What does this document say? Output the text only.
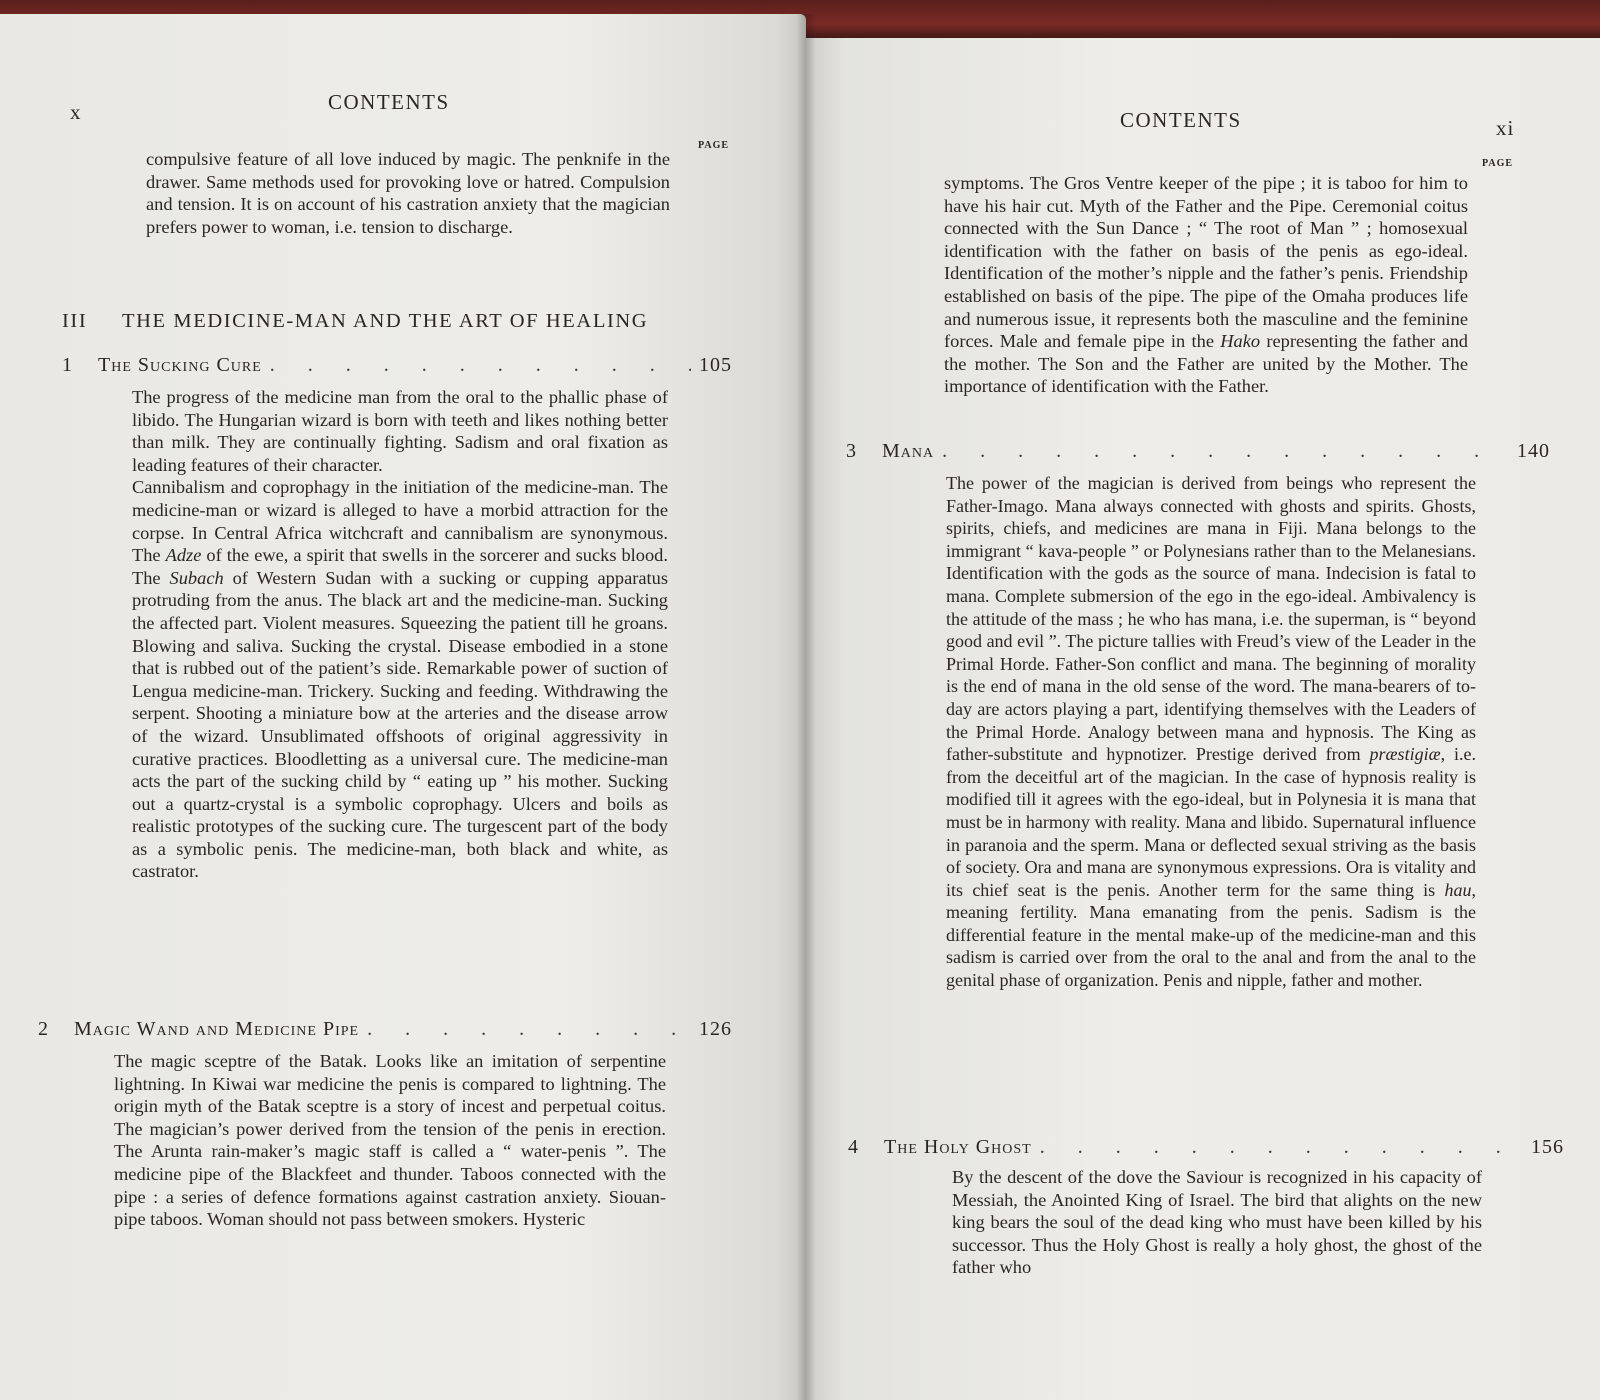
x	CONTENTS
PAGE
compulsive feature of all love induced by magic. The penknife in the drawer. Same methods used for provoking love or hatred. Compulsion and tension. It is on account of his castration anxiety that the magician prefers power to woman, i.e. tension to discharge.
III THE MEDICINE-MAN AND THE ART OF HEALING
1	The Sucking Cure . . .	105
The progress of the medicine man from the oral to the phallic phase of libido. The Hungarian wizard is born with teeth and likes nothing better than milk. They are continually fighting. Sadism and oral fixation as leading features of their character.
Cannibalism and coprophagy in the initiation of the medicine-man. The medicine-man or wizard is alleged to have a morbid attraction for the corpse. In Central Africa witchcraft and cannibalism are synonymous. The Adze of the ewe, a spirit that swells in the sorcerer and sucks blood. The Subach of Western Sudan with a sucking or cupping apparatus protruding from the anus. The black art and the medicine-man. Sucking the affected part. Violent measures. Squeezing the patient till he groans. Blowing and saliva. Sucking the crystal. Disease embodied in a stone that is rubbed out of the patient’s side. Remarkable power of suction of Lengua medicine-man. Trickery. Sucking and feeding. Withdrawing the serpent. Shooting a miniature bow at the arteries and the disease arrow of the wizard. Unsublimated offshoots of original aggressivity in curative practices. Bloodletting as a universal cure. The medicine-man acts the part of the sucking child by “ eating up ” his mother. Sucking out a quartz-crystal is a symbolic coprophagy. Ulcers and boils as realistic prototypes of the sucking cure. The turgescent part of the body as a symbolic penis. The medicine-man, both black and white, as castrator.
2	Magic Wand and Medicine Pipe . . .	126
The magic sceptre of the Batak. Looks like an imitation of serpentine lightning. In Kiwai war medicine the penis is compared to lightning. The origin myth of the Batak sceptre is a story of incest and perpetual coitus. The magician’s power derived from the tension of the penis in erection. The Arunta rain-maker’s magic staff is called a “ water-penis ”. The medicine pipe of the Blackfeet and thunder. Taboos connected with the pipe : a series of defence formations against castration anxiety. Siouan-pipe taboos. Woman should not pass between smokers. Hysteric
CONTENTS	xi
PAGE
symptoms. The Gros Ventre keeper of the pipe ; it is taboo for him to have his hair cut. Myth of the Father and the Pipe. Ceremonial coitus connected with the Sun Dance ; “ The root of Man ” ; homosexual identification with the father on basis of the penis as ego-ideal. Identification of the mother’s nipple and the father’s penis. Friendship established on basis of the pipe. The pipe of the Omaha produces life and numerous issue, it represents both the masculine and the feminine forces. Male and female pipe in the Hako representing the father and the mother. The Son and the Father are united by the Mother. The importance of identification with the Father.
3	Mana . . .	140
The power of the magician is derived from beings who represent the Father-Imago. Mana always connected with ghosts and spirits. Ghosts, spirits, chiefs, and medicines are mana in Fiji. Mana belongs to the immigrant “ kava-people ” or Polynesians rather than to the Melanesians. Identification with the gods as the source of mana. Indecision is fatal to mana. Complete submersion of the ego in the ego-ideal. Ambivalency is the attitude of the mass ; he who has mana, i.e. the superman, is “ beyond good and evil ”. The picture tallies with Freud’s view of the Leader in the Primal Horde. Father-Son conflict and mana. The beginning of morality is the end of mana in the old sense of the word. The mana-bearers of to-day are actors playing a part, identifying themselves with the Leaders of the Primal Horde. Analogy between mana and hypnosis. The King as father-substitute and hypnotizer. Prestige derived from præstigiæ, i.e. from the deceitful art of the magician. In the case of hypnosis reality is modified till it agrees with the ego-ideal, but in Polynesia it is mana that must be in harmony with reality. Mana and libido. Supernatural influence in paranoia and the sperm. Mana or deflected sexual striving as the basis of society. Ora and mana are synonymous expressions. Ora is vitality and its chief seat is the penis. Another term for the same thing is hau, meaning fertility. Mana emanating from the penis. Sadism is the differential feature in the mental make-up of the medicine-man and this sadism is carried over from the oral to the anal and from the anal to the genital phase of organization. Penis and nipple, father and mother.
4	The Holy Ghost . . .	156
By the descent of the dove the Saviour is recognized in his capacity of Messiah, the Anointed King of Israel. The bird that alights on the new king bears the soul of the dead king who must have been killed by his successor. Thus the Holy Ghost is really a holy ghost, the ghost of the father who
